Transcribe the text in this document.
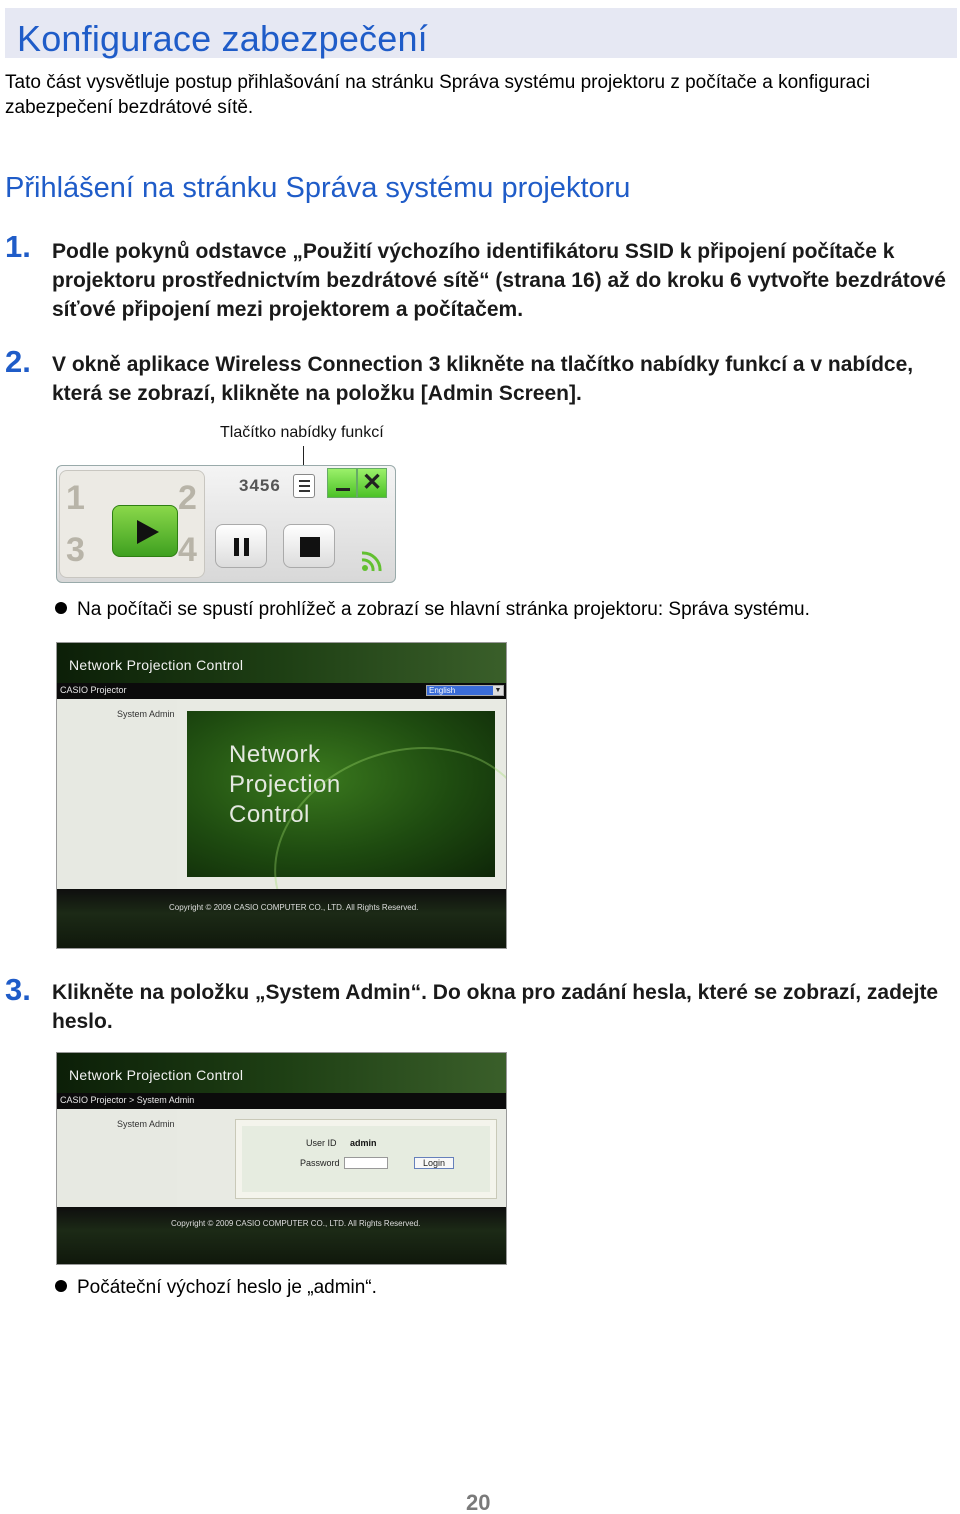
Konfigurace zabezpečení

Tato část vysvětluje postup přihlašování na stránku Správa systému projektoru z počítače a konfiguraci zabezpečení bezdrátové sítě.

Přihlášení na stránku Správa systému projektoru
1. Podle pokynů odstavce „Použití výchozího identifikátoru SSID k připojení počítače k projektoru prostřednictvím bezdrátové sítě“ (strana 16) až do kroku 6 vytvořte bezdrátové síťové připojení mezi projektorem a počítačem.
2. V okně aplikace Wireless Connection 3 klikněte na tlačítko nabídky funkcí a v nabídce, která se zobrazí, klikněte na položku [Admin Screen].
Tlačítko nabídky funkcí
1	2
3	4
3456	✕
Na počítači se spustí prohlížeč a zobrazí se hlavní stránka projektoru: Správa systému.
Network Projection Control
CASIO Projector	English	▼
System Admin
Network
Projection
Control
Copyright © 2009 CASIO COMPUTER CO., LTD. All Rights Reserved.
3. Klikněte na položku „System Admin“. Do okna pro zadání hesla, které se zobrazí, zadejte heslo.
Network Projection Control
CASIO Projector > System Admin
System Admin
User ID admin
Password	Login
Copyright © 2009 CASIO COMPUTER CO., LTD. All Rights Reserved.
Počáteční výchozí heslo je „admin“.
20
